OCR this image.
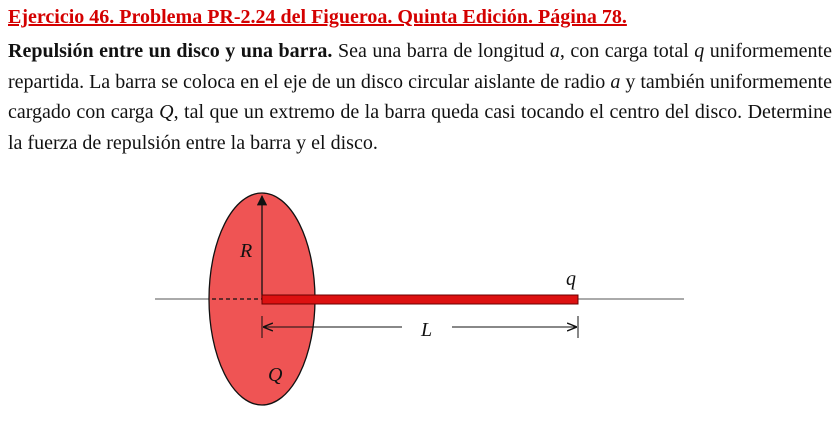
Ejercicio 46. Problema PR-2.24 del Figueroa. Quinta Edición. Página 78.
Repulsión entre un disco y una barra. Sea una barra de longitud a, con carga total q uniformemente repartida. La barra se coloca en el eje de un disco circular aislante de radio a y también uniformemente cargado con carga Q, tal que un extremo de la barra queda casi tocando el centro del disco. Determine la fuerza de repulsión entre la barra y el disco.
R
q
L
Q
